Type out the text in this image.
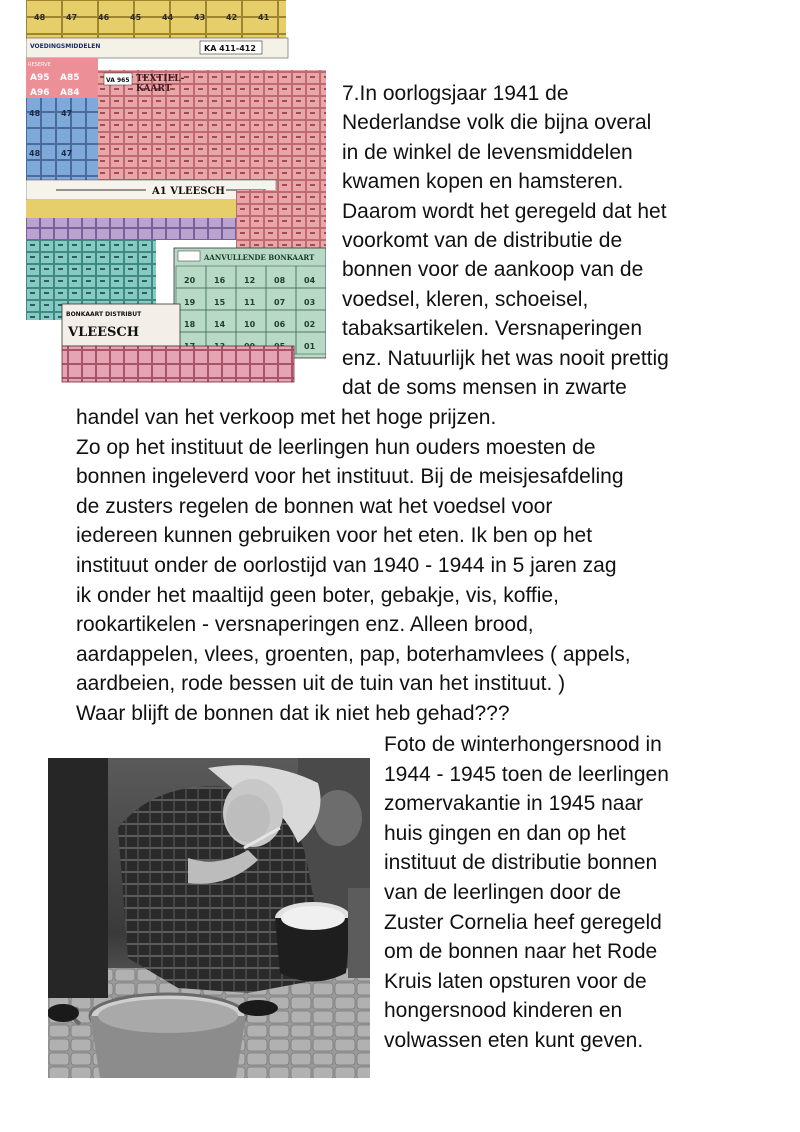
48	47	46	45	44	43	42	41
VOEDINGSMIDDELEN	KA 411-412
RESERVE
A95 A85
A96 A84
48	47
48	47
VA 965 TEXTIEL-
KAART
A1 VLEESCH
AANVULLENDE BONKAART
20 16 12 08 04
19 15 11 07 03
18 14 10 06 02
01
BONKAART DISTRIBUT
VLEESCH
7.In oorlogsjaar 1941 de
Nederlandse volk die bijna overal
in de winkel de levensmiddelen
kwamen kopen en hamsteren.
Daarom wordt het geregeld dat het
voorkomt van de distributie de
bonnen voor de aankoop van de
voedsel, kleren, schoeisel,
tabaksartikelen. Versnaperingen
enz. Natuurlijk het was nooit prettig
dat de soms mensen in zwarte
handel van het verkoop met het hoge prijzen.
Zo op het instituut de leerlingen hun ouders moesten de
bonnen ingeleverd voor het instituut. Bij de meisjesafdeling
de zusters regelen de bonnen wat het voedsel voor
iedereen kunnen gebruiken voor het eten. Ik ben op het
instituut onder de oorlostijd van 1940 - 1944 in 5 jaren zag
ik onder het maaltijd geen boter, gebakje, vis, koffie,
rookartikelen - versnaperingen enz. Alleen brood,
aardappelen, vlees, groenten, pap, boterhamvlees ( appels,
aardbeien, rode bessen uit de tuin van het instituut. )
Waar blijft de bonnen dat ik niet heb gehad???
Foto de winterhongersnood in
1944 - 1945 toen de leerlingen
zomervakantie in 1945 naar
huis gingen en dan op het
instituut de distributie bonnen
van de leerlingen door de
Zuster Cornelia heef geregeld
om de bonnen naar het Rode
Kruis laten opsturen voor de
hongersnood kinderen en
volwassen eten kunt geven.
